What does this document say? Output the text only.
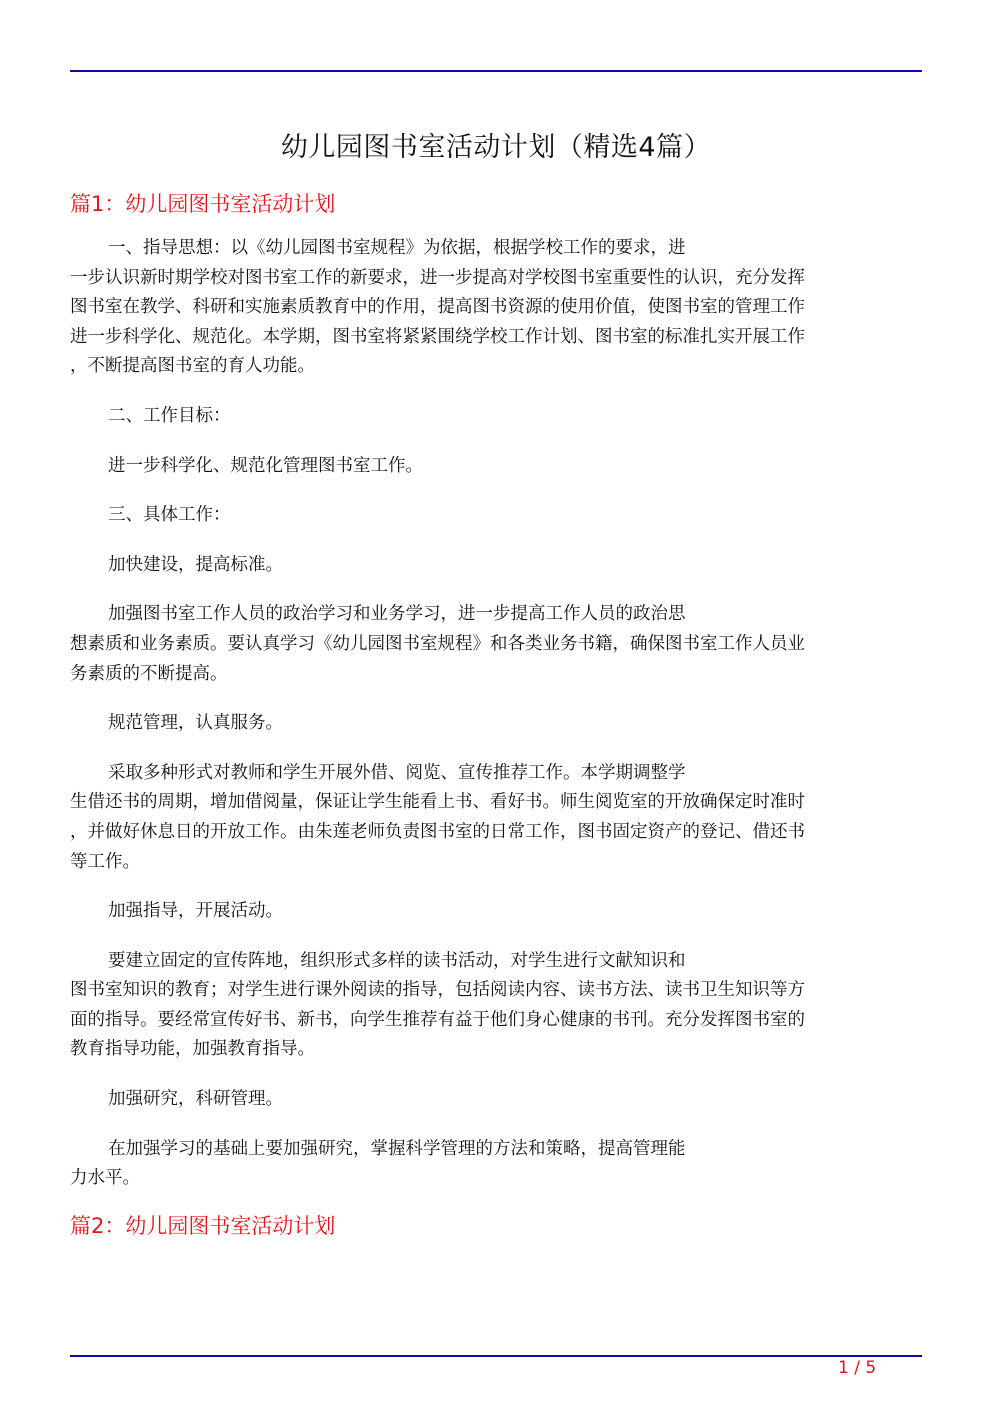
幼儿园图书室活动计划（精选4篇）
篇1：幼儿园图书室活动计划
一、指导思想：以《幼儿园图书室规程》为依据，根据学校工作的要求，进
一步认识新时期学校对图书室工作的新要求，进一步提高对学校图书室重要性的认识，充分发挥
图书室在教学、科研和实施素质教育中的作用，提高图书资源的使用价值，使图书室的管理工作
进一步科学化、规范化。本学期，图书室将紧紧围绕学校工作计划、图书室的标准扎实开展工作
，不断提高图书室的育人功能。
二、工作目标：
进一步科学化、规范化管理图书室工作。
三、具体工作：
加快建设，提高标准。
加强图书室工作人员的政治学习和业务学习，进一步提高工作人员的政治思
想素质和业务素质。要认真学习《幼儿园图书室规程》和各类业务书籍，确保图书室工作人员业
务素质的不断提高。
规范管理，认真服务。
采取多种形式对教师和学生开展外借、阅览、宣传推荐工作。本学期调整学
生借还书的周期，增加借阅量，保证让学生能看上书、看好书。师生阅览室的开放确保定时准时
，并做好休息日的开放工作。由朱莲老师负责图书室的日常工作，图书固定资产的登记、借还书
等工作。
加强指导，开展活动。
要建立固定的宣传阵地，组织形式多样的读书活动，对学生进行文献知识和
图书室知识的教育；对学生进行课外阅读的指导，包括阅读内容、读书方法、读书卫生知识等方
面的指导。要经常宣传好书、新书，向学生推荐有益于他们身心健康的书刊。充分发挥图书室的
教育指导功能，加强教育指导。
加强研究，科研管理。
在加强学习的基础上要加强研究，掌握科学管理的方法和策略，提高管理能
力水平。
篇2：幼儿园图书室活动计划
1 / 5
